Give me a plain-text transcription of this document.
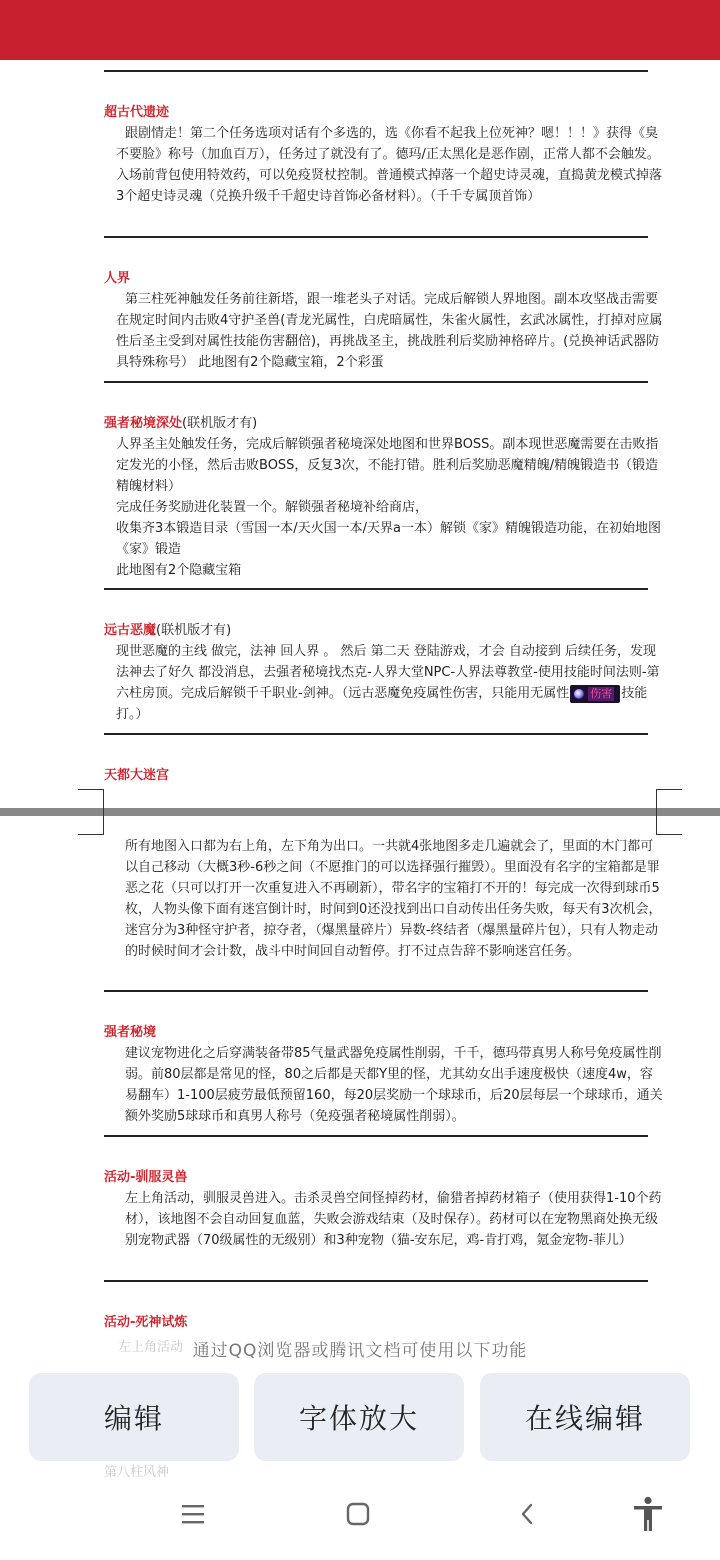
超古代遗迹

跟剧情走！第二个任务选项对话有个多选的，选《你看不起我上位死神？嗯！！！》获得《臭不要脸》称号（加血百万），任务过了就没有了。德玛/正太黑化是恶作剧，正常人都不会触发。入场前背包使用特效药，可以免疫贤杖控制。普通模式掉落一个超史诗灵魂，直捣黄龙模式掉落3个超史诗灵魂（兑换升级千千超史诗首饰必备材料）。（千千专属顶首饰）

人界

第三柱死神触发任务前往新塔，跟一堆老头子对话。完成后解锁人界地图。副本攻坚战击需要在规定时间内击败4守护圣兽(青龙光属性，白虎暗属性，朱雀火属性，玄武冰属性，打掉对应属性后圣主受到对属性技能伤害翻倍)，再挑战圣主，挑战胜利后奖励神格碎片。(兑换神话武器防具特殊称号） 此地图有2个隐藏宝箱，2个彩蛋

强者秘境深处(联机版才有)

人界圣主处触发任务，完成后解锁强者秘境深处地图和世界BOSS。副本现世恶魔需要在击败指定发光的小怪，然后击败BOSS，反复3次，不能打错。胜利后奖励恶魔精魄/精魄锻造书（锻造精魄材料）

完成任务奖励进化装置一个。解锁强者秘境补给商店，

收集齐3本锻造目录（雪国一本/天火国一本/天界a一本）解锁《家》精魄锻造功能，在初始地图《家》锻造

此地图有2个隐藏宝箱

远古恶魔(联机版才有)

现世恶魔的主线 做完，法神 回人界 。 然后 第二天 登陆游戏，才会 自动接到 后续任务，发现法神去了好久 都没消息，去强者秘境找杰克-人界大堂NPC-人界法尊教堂-使用技能时间法则-第六柱房顶。完成后解锁千千职业-剑神。（远古恶魔免疫属性伤害，只能用无属性 伤害 技能打。）

天都大迷宫

所有地图入口都为右上角，左下角为出口。一共就4张地图多走几遍就会了，里面的木门都可以自己移动（大概3秒-6秒之间（不愿推门的可以选择强行摧毁）。里面没有名字的宝箱都是罪恶之花（只可以打开一次重复进入不再刷新），带名字的宝箱打不开的！每完成一次得到球币5枚，人物头像下面有迷宫倒计时，时间到0还没找到出口自动传出任务失败，每天有3次机会，迷宫分为3种怪守护者，掠夺者，（爆黑量碎片）异数-终结者（爆黑量碎片包），只有人物走动的时候时间才会计数，战斗中时间回自动暂停。打不过点告辞不影响迷宫任务。

强者秘境

建议宠物进化之后穿满装备带85气量武器免疫属性削弱，千千，德玛带真男人称号免疫属性削弱。前80层都是常见的怪，80之后都是天都Y里的怪，尤其幼女出手速度极快（速度4w，容易翻车）1-100层疲劳最低预留160，每20层奖励一个球球币，后20层每层一个球球币，通关额外奖励5球球币和真男人称号（免疫强者秘境属性削弱）。

活动-驯服灵兽

左上角活动，驯服灵兽进入。击杀灵兽空间怪掉药材，偷猎者掉药材箱子（使用获得1-10个药材），该地图不会自动回复血蓝，失败会游戏结束（及时保存）。药材可以在宠物黑商处换无级别宠物武器（70级属性的无级别）和3种宠物（猫-安东尼，鸡-肯打鸡，氪金宠物-菲儿）

活动-死神试炼
左上角活动
第八柱风神
通过QQ浏览器或腾讯文档可使用以下功能
编辑	字体放大	在线编辑
